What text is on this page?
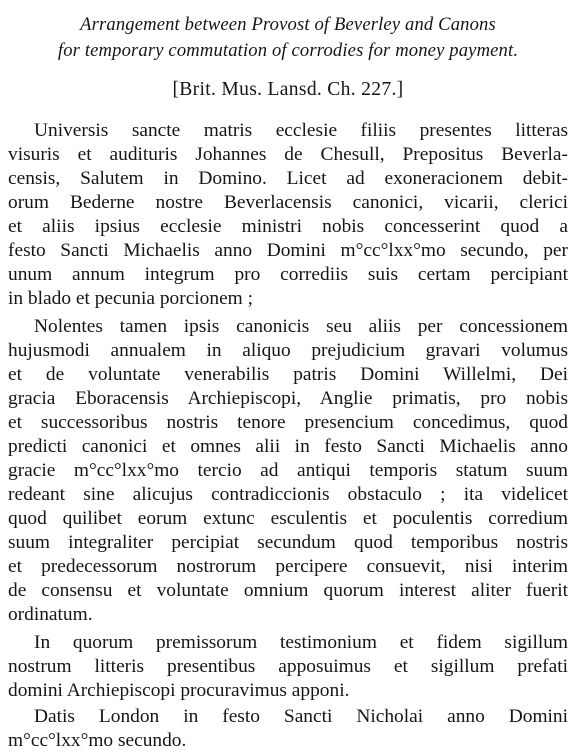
Arrangement between Provost of Beverley and Canons
for temporary commutation of corrodies for money payment.
[Brit. Mus. Lansd. Ch. 227.]
Universis sancte matris ecclesie filiis presentes litteras
visuris et audituris Johannes de Chesull, Prepositus Beverla-
censis, Salutem in Domino. Licet ad exoneracionem debit-
orum Bederne nostre Beverlacensis canonici, vicarii, clerici
et aliis ipsius ecclesie ministri nobis concesserint quod a
festo Sancti Michaelis anno Domini m°cc°lxx°mo secundo, per
unum annum integrum pro corrediis suis certam percipiant
in blado et pecunia porcionem ;
Nolentes tamen ipsis canonicis seu aliis per concessionem
hujusmodi annualem in aliquo prejudicium gravari volumus
et de voluntate venerabilis patris Domini Willelmi, Dei
gracia Eboracensis Archiepiscopi, Anglie primatis, pro nobis
et successoribus nostris tenore presencium concedimus, quod
predicti canonici et omnes alii in festo Sancti Michaelis anno
gracie m°cc°lxx°mo tercio ad antiqui temporis statum suum
redeant sine alicujus contradiccionis obstaculo ; ita videlicet
quod quilibet eorum extunc esculentis et poculentis corredium
suum integraliter percipiat secundum quod temporibus nostris
et predecessorum nostrorum percipere consuevit, nisi interim
de consensu et voluntate omnium quorum interest aliter fuerit
ordinatum.
In quorum premissorum testimonium et fidem sigillum
nostrum litteris presentibus apposuimus et sigillum prefati
domini Archiepiscopi procuravimus apponi.
Datis London in festo Sancti Nicholai anno Domini
m°cc°lxx°mo secundo.
